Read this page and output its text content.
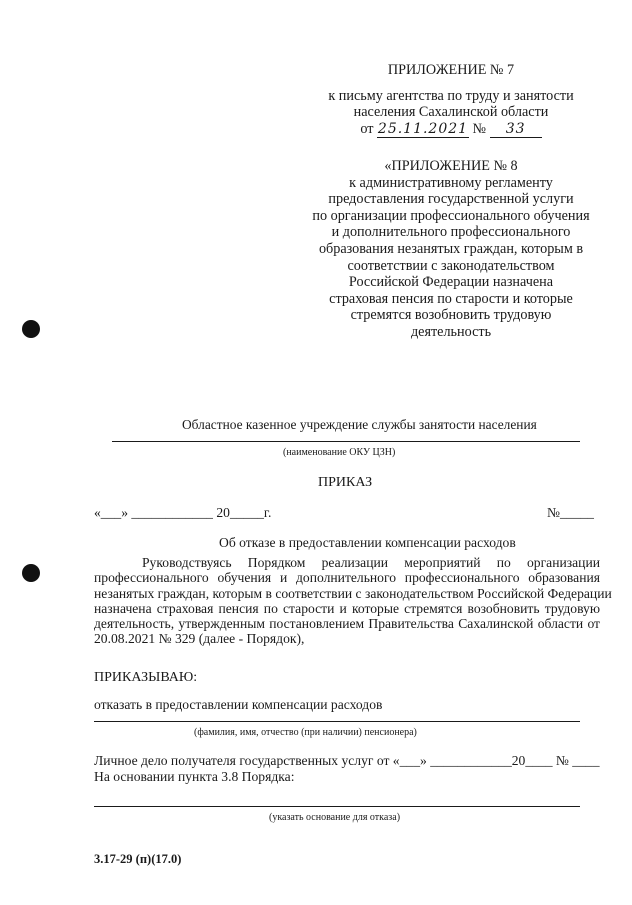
ПРИЛОЖЕНИЕ № 7
к письму агентства по труду и занятости
населения Сахалинской области
от 25.11.2021 № 33
«ПРИЛОЖЕНИЕ № 8
к административному регламенту
предоставления государственной услуги
по организации профессионального обучения
и дополнительного профессионального
образования незанятых граждан, которым в
соответствии с законодательством
Российской Федерации назначена
страховая пенсия по старости и которые
стремятся возобновить трудовую
деятельность
Областное казенное учреждение службы занятости населения
(наименование ОКУ ЦЗН)
ПРИКАЗ
«___» ____________ 20_____г.	№_____
Об отказе в предоставлении компенсации расходов
Руководствуясь Порядком реализации мероприятий по организации
профессионального обучения и дополнительного профессионального образования
незанятых граждан, которым в соответствии с законодательством Российской Федерации
назначена страховая пенсия по старости и которые стремятся возобновить трудовую
деятельность, утвержденным постановлением Правительства Сахалинской области от
20.08.2021 № 329 (далее - Порядок),
ПРИКАЗЫВАЮ:
отказать в предоставлении компенсации расходов
(фамилия, имя, отчество (при наличии) пенсионера)
Личное дело получателя государственных услуг от «___» ____________20____ № ____
На основании пункта 3.8 Порядка:
(указать основание для отказа)
3.17-29 (п)(17.0)
